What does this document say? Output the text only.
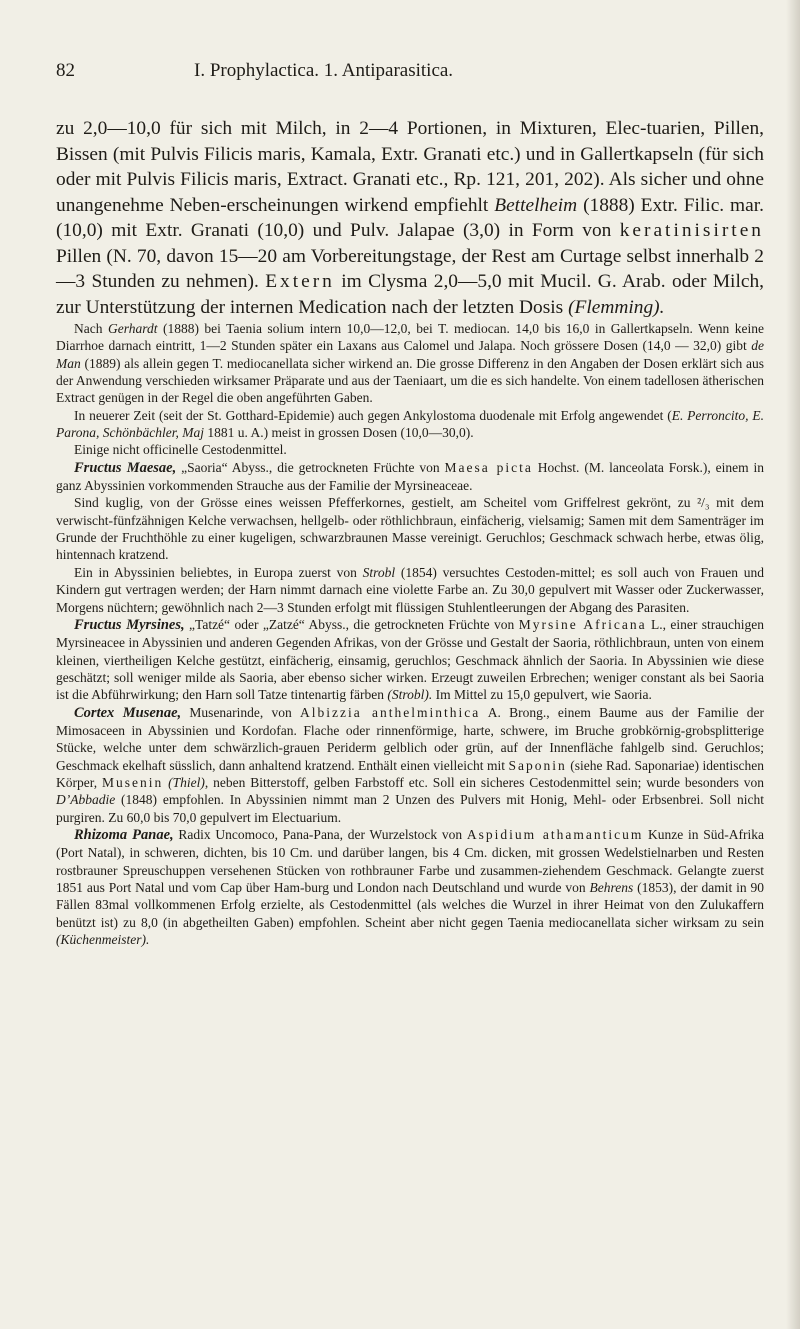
82	I. Prophylactica. 1. Antiparasitica.

zu 2,0—10,0 für sich mit Milch, in 2—4 Portionen, in Mixturen, Elec-tuarien, Pillen, Bissen (mit Pulvis Filicis maris, Kamala, Extr. Granati etc.) und in Gallertkapseln (für sich oder mit Pulvis Filicis maris, Extract. Granati etc., Rp. 121, 201, 202). Als sicher und ohne unangenehme Neben-erscheinungen wirkend empfiehlt Bettelheim (1888) Extr. Filic. mar. (10,0) mit Extr. Granati (10,0) und Pulv. Jalapae (3,0) in Form von keratinisirten Pillen (N. 70, davon 15—20 am Vorbereitungstage, der Rest am Curtage selbst innerhalb 2—3 Stunden zu nehmen). Extern im Clysma 2,0—5,0 mit Mucil. G. Arab. oder Milch, zur Unterstützung der internen Medication nach der letzten Dosis (Flemming).

Nach Gerhardt (1888) bei Taenia solium intern 10,0—12,0, bei T. mediocan. 14,0 bis 16,0 in Gallertkapseln. Wenn keine Diarrhoe darnach eintritt, 1—2 Stunden später ein Laxans aus Calomel und Jalapa. Noch grössere Dosen (14,0 — 32,0) gibt de Man (1889) als allein gegen T. mediocanellata sicher wirkend an. Die grosse Differenz in den Angaben der Dosen erklärt sich aus der Anwendung verschieden wirksamer Präparate und aus der Taeniaart, um die es sich handelte. Von einem tadellosen ätherischen Extract genügen in der Regel die oben angeführten Gaben.

In neuerer Zeit (seit der St. Gotthard-Epidemie) auch gegen Ankylostoma duodenale mit Erfolg angewendet (E. Perroncito, E. Parona, Schönbächler, Maj 1881 u. A.) meist in grossen Dosen (10,0—30,0).

Einige nicht officinelle Cestodenmittel.

Fructus Maesae, „Saoria“ Abyss., die getrockneten Früchte von Maesa picta Hochst. (M. lanceolata Forsk.), einem in ganz Abyssinien vorkommenden Strauche aus der Familie der Myrsineaceae.

Sind kuglig, von der Grösse eines weissen Pfefferkornes, gestielt, am Scheitel vom Griffelrest gekrönt, zu ²/₃ mit dem verwischt-fünfzähnigen Kelche verwachsen, hellgelb- oder röthlichbraun, einfächerig, vielsamig; Samen mit dem Samenträger im Grunde der Fruchthöhle zu einer kugeligen, schwarzbraunen Masse vereinigt. Geruchlos; Geschmack schwach herbe, etwas ölig, hintennach kratzend.

Ein in Abyssinien beliebtes, in Europa zuerst von Strobl (1854) versuchtes Cestoden-mittel; es soll auch von Frauen und Kindern gut vertragen werden; der Harn nimmt darnach eine violette Farbe an. Zu 30,0 gepulvert mit Wasser oder Zuckerwasser, Morgens nüchtern; gewöhnlich nach 2—3 Stunden erfolgt mit flüssigen Stuhlentleerungen der Abgang des Parasiten.

Fructus Myrsines, „Tatzé“ oder „Zatzé“ Abyss., die getrockneten Früchte von Myrsine Africana L., einer strauchigen Myrsineacee in Abyssinien und anderen Gegenden Afrikas, von der Grösse und Gestalt der Saoria, röthlichbraun, unten von einem kleinen, viertheiligen Kelche gestützt, einfächerig, einsamig, geruchlos; Geschmack ähnlich der Saoria. In Abyssinien wie diese geschätzt; soll weniger milde als Saoria, aber ebenso sicher wirken. Erzeugt zuweilen Erbrechen; weniger constant als bei Saoria ist die Abführwirkung; den Harn soll Tatze tintenartig färben (Strobl). Im Mittel zu 15,0 gepulvert, wie Saoria.

Cortex Musenae, Musenarinde, von Albizzia anthelminthica A. Brong., einem Baume aus der Familie der Mimosaceen in Abyssinien und Kordofan. Flache oder rinnenförmige, harte, schwere, im Bruche grobkörnig-grobsplitterige Stücke, welche unter dem schwärzlich-grauen Periderm gelblich oder grün, auf der Innenfläche fahlgelb sind. Geruchlos; Geschmack ekelhaft süsslich, dann anhaltend kratzend. Enthält einen vielleicht mit Saponin (siehe Rad. Saponariae) identischen Körper, Musenin (Thiel), neben Bitterstoff, gelben Farbstoff etc. Soll ein sicheres Cestodenmittel sein; wurde besonders von D’Abbadie (1848) empfohlen. In Abyssinien nimmt man 2 Unzen des Pulvers mit Honig, Mehl- oder Erbsenbrei. Soll nicht purgiren. Zu 60,0 bis 70,0 gepulvert im Electuarium.

Rhizoma Panae, Radix Uncomoco, Pana-Pana, der Wurzelstock von Aspidium athamanticum Kunze in Süd-Afrika (Port Natal), in schweren, dichten, bis 10 Cm. und darüber langen, bis 4 Cm. dicken, mit grossen Wedelstielnarben und Resten rostbrauner Spreuschuppen versehenen Stücken von rothbrauner Farbe und zusammen-ziehendem Geschmack. Gelangte zuerst 1851 aus Port Natal und vom Cap über Ham-burg und London nach Deutschland und wurde von Behrens (1853), der damit in 90 Fällen 83mal vollkommenen Erfolg erzielte, als Cestodenmittel (als welches die Wurzel in ihrer Heimat von den Zulukaffern benützt ist) zu 8,0 (in abgetheilten Gaben) empfohlen. Scheint aber nicht gegen Taenia mediocanellata sicher wirksam zu sein (Küchenmeister).
